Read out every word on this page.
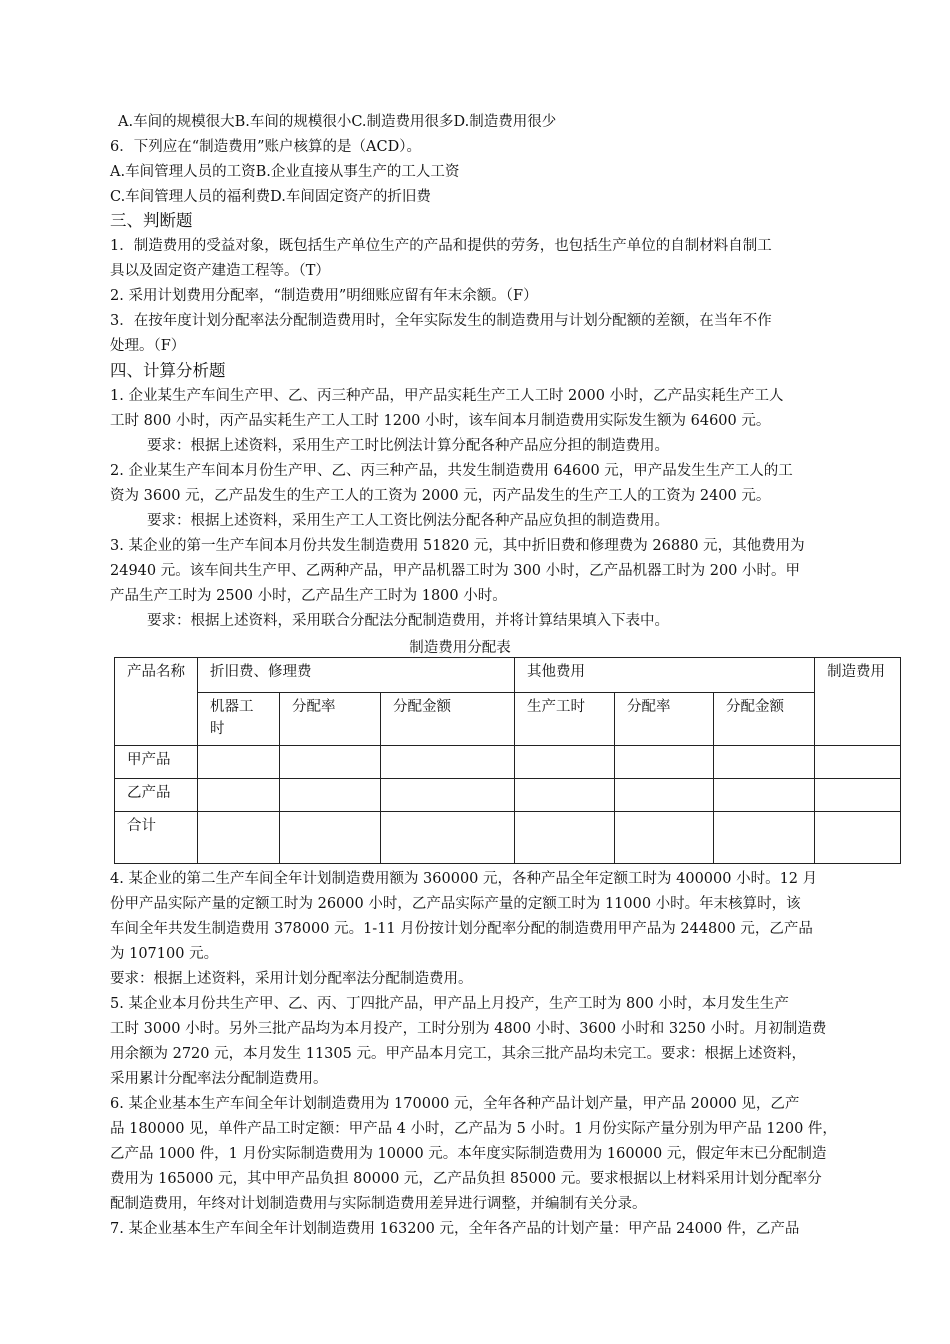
A.车间的规模很大B.车间的规模很小C.制造费用很多D.制造费用很少
6．下列应在“制造费用”账户核算的是（ACD）。
A.车间管理人员的工资B.企业直接从事生产的工人工资
C.车间管理人员的福利费D.车间固定资产的折旧费
三、判断题
1．制造费用的受益对象，既包括生产单位生产的产品和提供的劳务，也包括生产单位的自制材料自制工
具以及固定资产建造工程等。（T）
2. 采用计划费用分配率，“制造费用”明细账应留有年末余额。（F）
3．在按年度计划分配率法分配制造费用时，全年实际发生的制造费用与计划分配额的差额，在当年不作
处理。（F）
四、计算分析题
1. 企业某生产车间生产甲、乙、丙三种产品，甲产品实耗生产工人工时 2000 小时，乙产品实耗生产工人
工时 800 小时，丙产品实耗生产工人工时 1200 小时，该车间本月制造费用实际发生额为 64600 元。
要求：根据上述资料，采用生产工时比例法计算分配各种产品应分担的制造费用。
2. 企业某生产车间本月份生产甲、乙、丙三种产品，共发生制造费用 64600 元，甲产品发生生产工人的工
资为 3600 元，乙产品发生的生产工人的工资为 2000 元，丙产品发生的生产工人的工资为 2400 元。
要求：根据上述资料，采用生产工人工资比例法分配各种产品应负担的制造费用。
3. 某企业的第一生产车间本月份共发生制造费用 51820 元，其中折旧费和修理费为 26880 元，其他费用为
24940 元。该车间共生产甲、乙两种产品，甲产品机器工时为 300 小时，乙产品机器工时为 200 小时。甲
产品生产工时为 2500 小时，乙产品生产工时为 1800 小时。
要求：根据上述资料，采用联合分配法分配制造费用，并将计算结果填入下表中。
制造费用分配表
产品名称	折旧费、修理费			其他费用			制造费用
	机器工时	分配率	分配金额	生产工时	分配率	分配金额	
甲产品							
乙产品							
合计							
4. 某企业的第二生产车间全年计划制造费用额为 360000 元，各种产品全年定额工时为 400000 小时。12 月
份甲产品实际产量的定额工时为 26000 小时，乙产品实际产量的定额工时为 11000 小时。年末核算时，该
车间全年共发生制造费用 378000 元。1-11 月份按计划分配率分配的制造费用甲产品为 244800 元，乙产品
为 107100 元。
要求：根据上述资料，采用计划分配率法分配制造费用。
5. 某企业本月份共生产甲、乙、丙、丁四批产品，甲产品上月投产，生产工时为 800 小时，本月发生生产
工时 3000 小时。另外三批产品均为本月投产，工时分别为 4800 小时、3600 小时和 3250 小时。月初制造费
用余额为 2720 元，本月发生 11305 元。甲产品本月完工，其余三批产品均未完工。要求：根据上述资料，
采用累计分配率法分配制造费用。
6. 某企业基本生产车间全年计划制造费用为 170000 元，全年各种产品计划产量，甲产品 20000 见，乙产
品 180000 见，单件产品工时定额：甲产品 4 小时，乙产品为 5 小时。1 月份实际产量分别为甲产品 1200 件，
乙产品 1000 件，1 月份实际制造费用为 10000 元。本年度实际制造费用为 160000 元，假定年末已分配制造
费用为 165000 元，其中甲产品负担 80000 元，乙产品负担 85000 元。要求根据以上材料采用计划分配率分
配制造费用，年终对计划制造费用与实际制造费用差异进行调整，并编制有关分录。
7. 某企业基本生产车间全年计划制造费用 163200 元，全年各产品的计划产量：甲产品 24000 件，乙产品
